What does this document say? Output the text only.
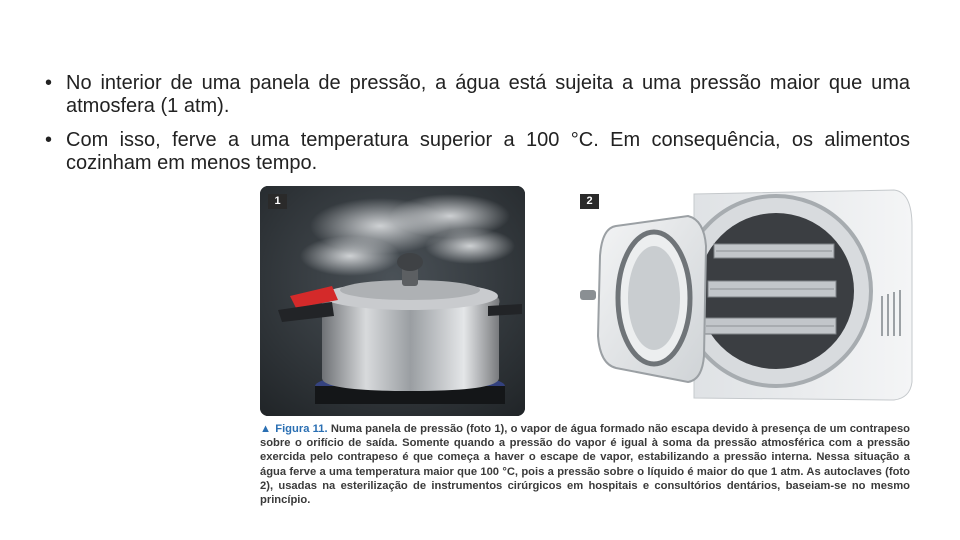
• No interior de uma panela de pressão, a água está sujeita a uma pressão maior que uma atmosfera (1 atm).
• Com isso, ferve a uma temperatura superior a 100 °C. Em consequência, os alimentos cozinham em menos tempo.
1	2
▲ Figura 11. Numa panela de pressão (foto 1), o vapor de água formado não escapa devido à presença de um contrapeso sobre o orifício de saída. Somente quando a pressão do vapor é igual à soma da pressão atmosférica com a pressão exercida pelo contrapeso é que começa a haver o escape de vapor, estabilizando a pressão interna. Nessa situação a água ferve a uma temperatura maior que 100 °C, pois a pressão sobre o líquido é maior do que 1 atm. As autoclaves (foto 2), usadas na esterilização de instrumentos cirúrgicos em hospitais e consultórios dentários, baseiam-se no mesmo princípio.
